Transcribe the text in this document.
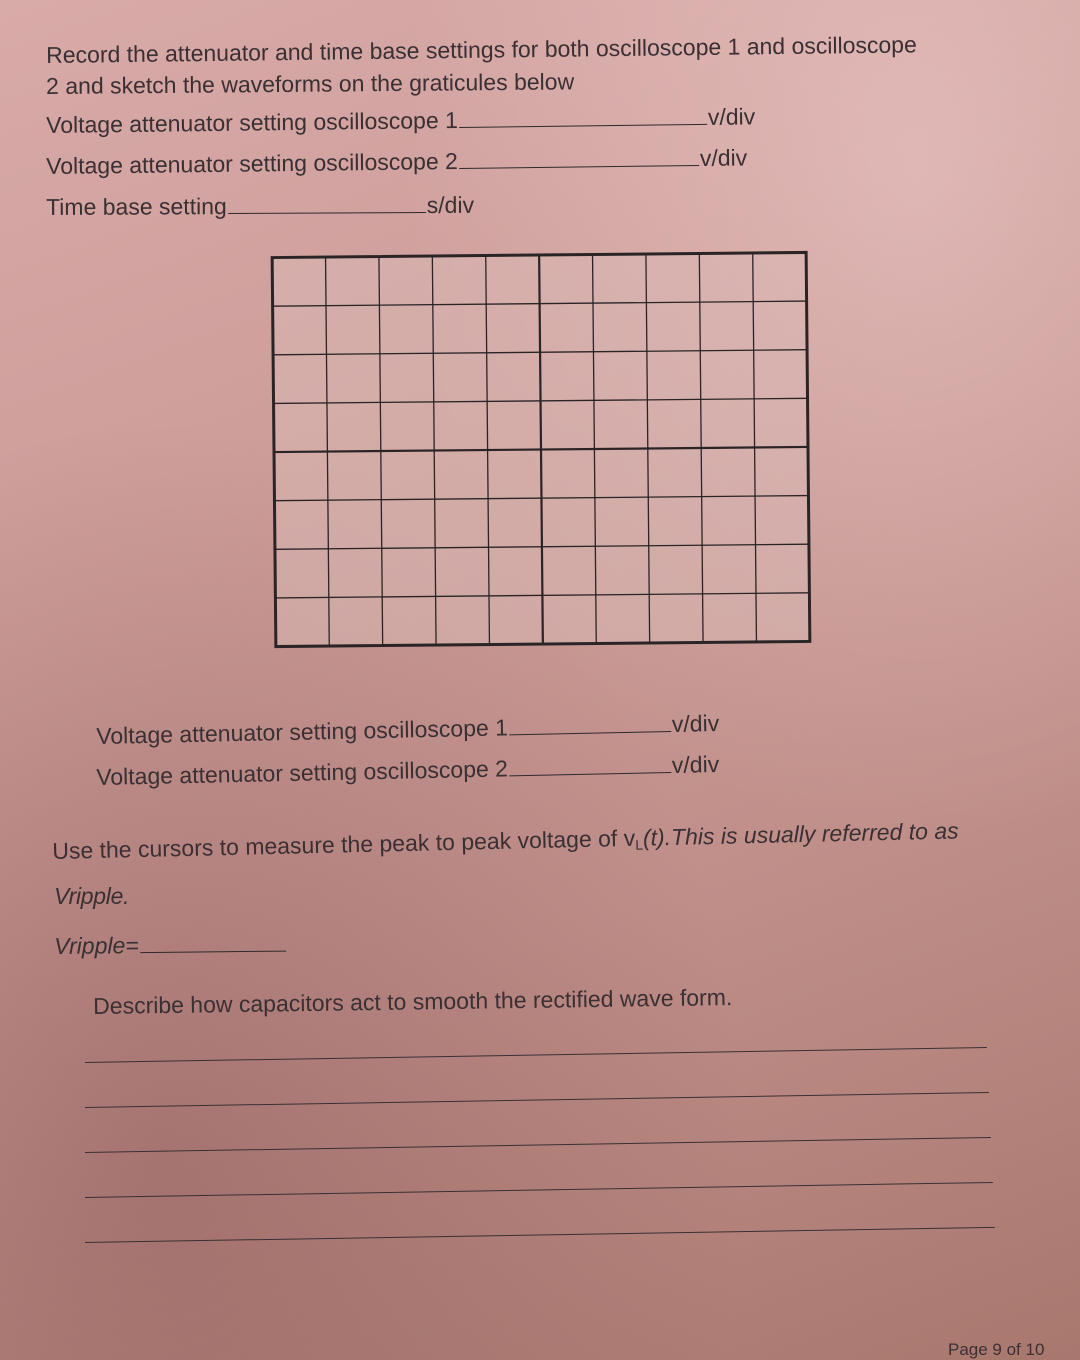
Record the attenuator and time base settings for both oscilloscope 1 and oscilloscope
2 and sketch the waveforms on the graticules below
Voltage attenuator setting oscilloscope 1	v/div
Voltage attenuator setting oscilloscope 2	v/div
Time base setting	s/div
Voltage attenuator setting oscilloscope 1	v/div
Voltage attenuator setting oscilloscope 2	v/div
Use the cursors to measure the peak to peak voltage of $v_L(t).This$ is usually referred to as
Vripple.
Vripple=
Describe how capacitors act to smooth the rectified wave form.
Page 9 of 10
